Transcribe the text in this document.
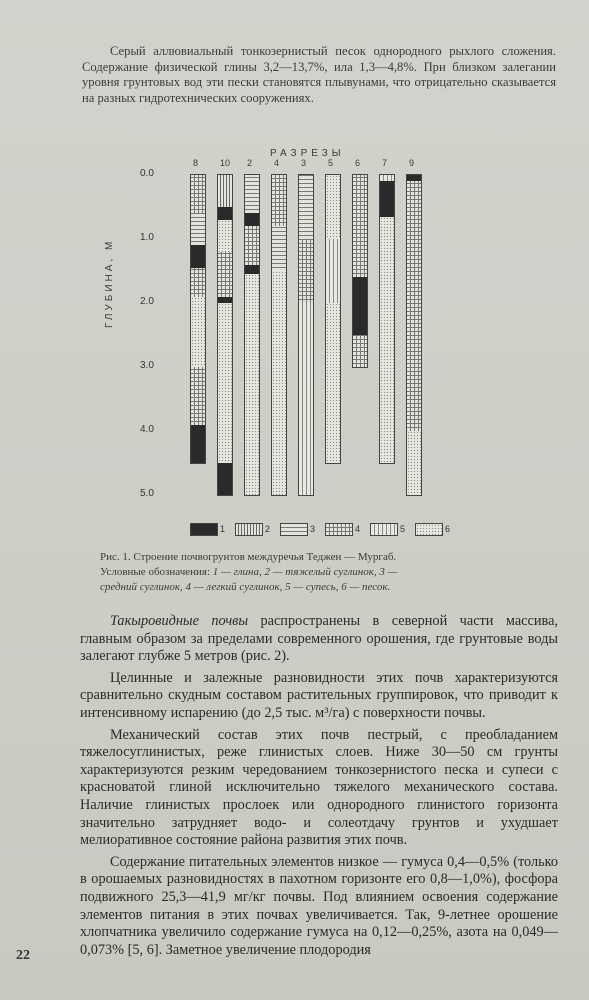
Серый аллювиальный тонкозернистый песок однородного рыхлого сложения. Содержание физической глины 3,2—13,7%, ила 1,3—4,8%. При близком залегании уровня грунтовых вод эти пески становятся плывунами, что отрицательно сказывается на разных гидротехнических сооружениях.
РАЗРЕЗЫ
ГЛУБИНА, М
0.0
1.0
2.0
3.0
4.0
5.0
8 10 2 4 3 5 6 7 9
1	2	3	4	5	6
Рис. 1. Строение почвогрунтов междуречья Теджен — Мургаб.
Условные обозначения: 1 — глина, 2 — тяжелый суглинок, 3 —
средний суглинок, 4 — легкий суглинок, 5 — супесь, 6 — песок.

Такыровидные почвы распространены в северной части массива, главным образом за пределами современного орошения, где грунтовые воды залегают глубже 5 метров (рис. 2).

Целинные и залежные разновидности этих почв характеризуются сравнительно скудным составом растительных группировок, что приводит к интенсивному испарению (до 2,5 тыс. м³/га) с поверхности почвы.

Механический состав этих почв пестрый, с преобладанием тяжелосуглинистых, реже глинистых слоев. Ниже 30—50 см грунты характеризуются резким чередованием тонкозернистого песка и супеси с красноватой глиной исключительно тяжелого механического состава. Наличие глинистых прослоек или однородного глинистого горизонта значительно затрудняет водо- и солеотдачу грунтов и ухудшает мелиоративное состояние района развития этих почв.

Содержание питательных элементов низкое — гумуса 0,4—0,5% (только в орошаемых разновидностях в пахотном горизонте его 0,8—1,0%), фосфора подвижного 25,3—41,9 мг/кг почвы. Под влиянием освоения содержание элементов питания в этих почвах увеличивается. Так, 9-летнее орошение хлопчатника увеличило содержание гумуса на 0,12—0,25%, азота на 0,049—0,073% [5, 6]. Заметное увеличение плодородия

22
